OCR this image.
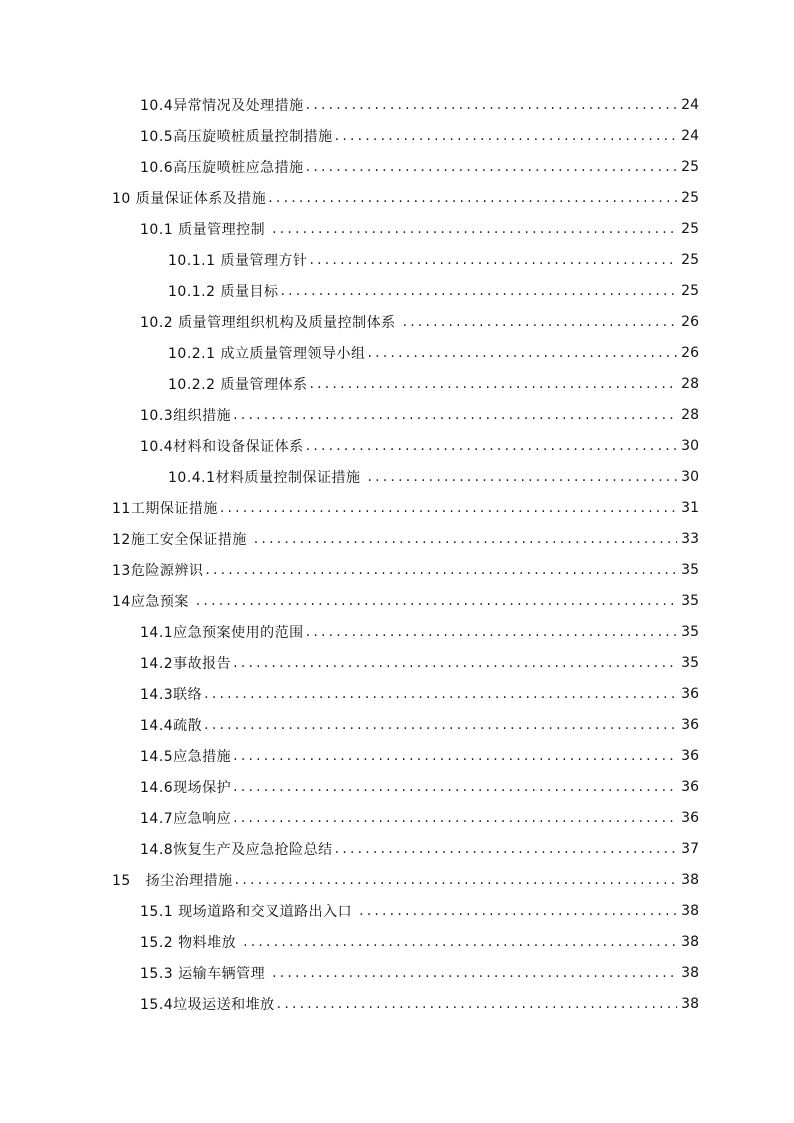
10.4异常情况及处理措施 .....	24
10.5高压旋喷桩质量控制措施 .....	24
10.6高压旋喷桩应急措施 .....	25
10 质量保证体系及措施 .....	25
10.1 质量管理控制 .....	25
10.1.1 质量管理方针 .....	25
10.1.2 质量目标 .....	25
10.2 质量管理组织机构及质量控制体系 .....	26
10.2.1 成立质量管理领导小组 .....	26
10.2.2 质量管理体系 .....	28
10.3组织措施 .....	28
10.4材料和设备保证体系 .....	30
10.4.1材料质量控制保证措施 .....	30
11工期保证措施 .....	31
12施工安全保证措施 .....	33
13危险源辨识 .....	35
14应急预案 .....	35
14.1应急预案使用的范围 .....	35
14.2事故报告 .....	35
14.3联络 .....	36
14.4疏散 .....	36
14.5应急措施 .....	36
14.6现场保护 .....	36
14.7应急响应 .....	36
14.8恢复生产及应急抢险总结 .....	37
15   扬尘治理措施 .....	38
15.1 现场道路和交叉道路出入口 .....	38
15.2 物料堆放 .....	38
15.3 运输车辆管理 .....	38
15.4垃圾运送和堆放 .....	38
